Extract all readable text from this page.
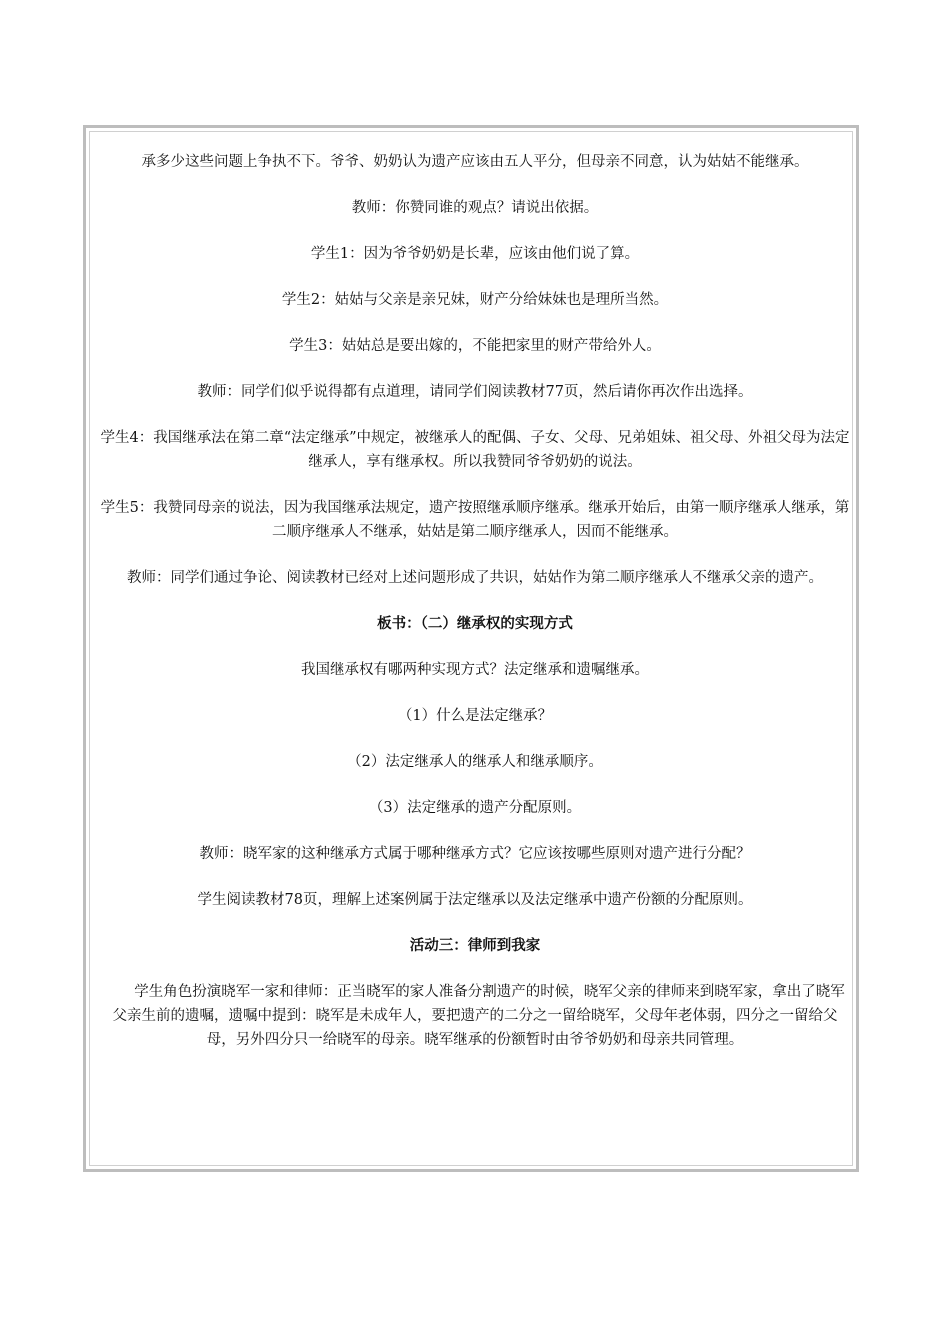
承多少这些问题上争执不下。爷爷、奶奶认为遗产应该由五人平分，但母亲不同意，认为姑姑不能继承。

教师：你赞同谁的观点？请说出依据。

学生1：因为爷爷奶奶是长辈，应该由他们说了算。

学生2：姑姑与父亲是亲兄妹，财产分给妹妹也是理所当然。

学生3：姑姑总是要出嫁的，不能把家里的财产带给外人。

教师：同学们似乎说得都有点道理，请同学们阅读教材77页，然后请你再次作出选择。

学生4：我国继承法在第二章“法定继承”中规定，被继承人的配偶、子女、父母、兄弟姐妹、祖父母、外祖父母为法定继承人，享有继承权。所以我赞同爷爷奶奶的说法。

学生5：我赞同母亲的说法，因为我国继承法规定，遗产按照继承顺序继承。继承开始后，由第一顺序继承人继承，第二顺序继承人不继承，姑姑是第二顺序继承人，因而不能继承。

教师：同学们通过争论、阅读教材已经对上述问题形成了共识，姑姑作为第二顺序继承人不继承父亲的遗产。

板书：（二）继承权的实现方式

我国继承权有哪两种实现方式？法定继承和遗嘱继承。

（1）什么是法定继承？

（2）法定继承人的继承人和继承顺序。

（3）法定继承的遗产分配原则。

教师：晓军家的这种继承方式属于哪种继承方式？它应该按哪些原则对遗产进行分配？

学生阅读教材78页，理解上述案例属于法定继承以及法定继承中遗产份额的分配原则。

活动三：律师到我家

学生角色扮演晓军一家和律师：正当晓军的家人准备分割遗产的时候，晓军父亲的律师来到晓军家，拿出了晓军父亲生前的遗嘱，遗嘱中提到：晓军是未成年人，要把遗产的二分之一留给晓军，父母年老体弱，四分之一留给父母，另外四分只一给晓军的母亲。晓军继承的份额暂时由爷爷奶奶和母亲共同管理。
